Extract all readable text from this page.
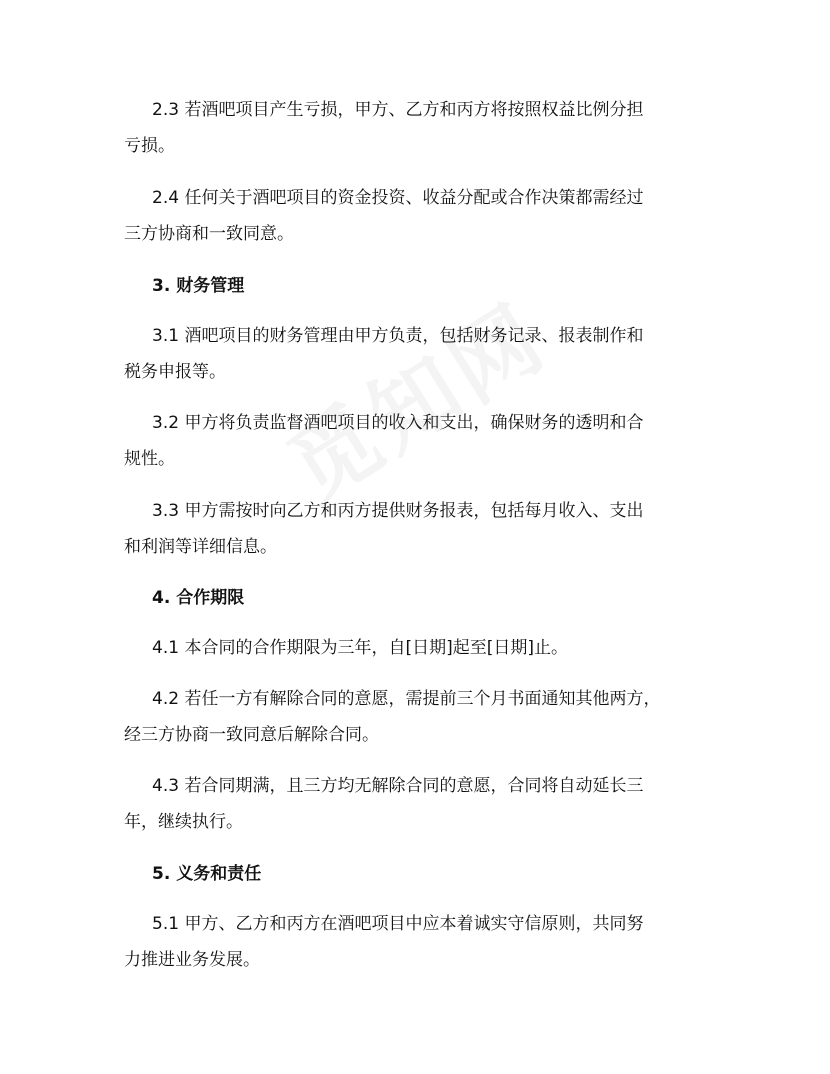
2.3 若酒吧项目产生亏损，甲方、乙方和丙方将按照权益比例分担
亏损。
2.4 任何关于酒吧项目的资金投资、收益分配或合作决策都需经过
三方协商和一致同意。
3. 财务管理
3.1 酒吧项目的财务管理由甲方负责，包括财务记录、报表制作和
税务申报等。
3.2 甲方将负责监督酒吧项目的收入和支出，确保财务的透明和合
规性。
3.3 甲方需按时向乙方和丙方提供财务报表，包括每月收入、支出
和利润等详细信息。
4. 合作期限
4.1 本合同的合作期限为三年，自[日期]起至[日期]止。
4.2 若任一方有解除合同的意愿，需提前三个月书面通知其他两方，
经三方协商一致同意后解除合同。
4.3 若合同期满，且三方均无解除合同的意愿，合同将自动延长三
年，继续执行。
5. 义务和责任
5.1 甲方、乙方和丙方在酒吧项目中应本着诚实守信原则，共同努
力推进业务发展。
